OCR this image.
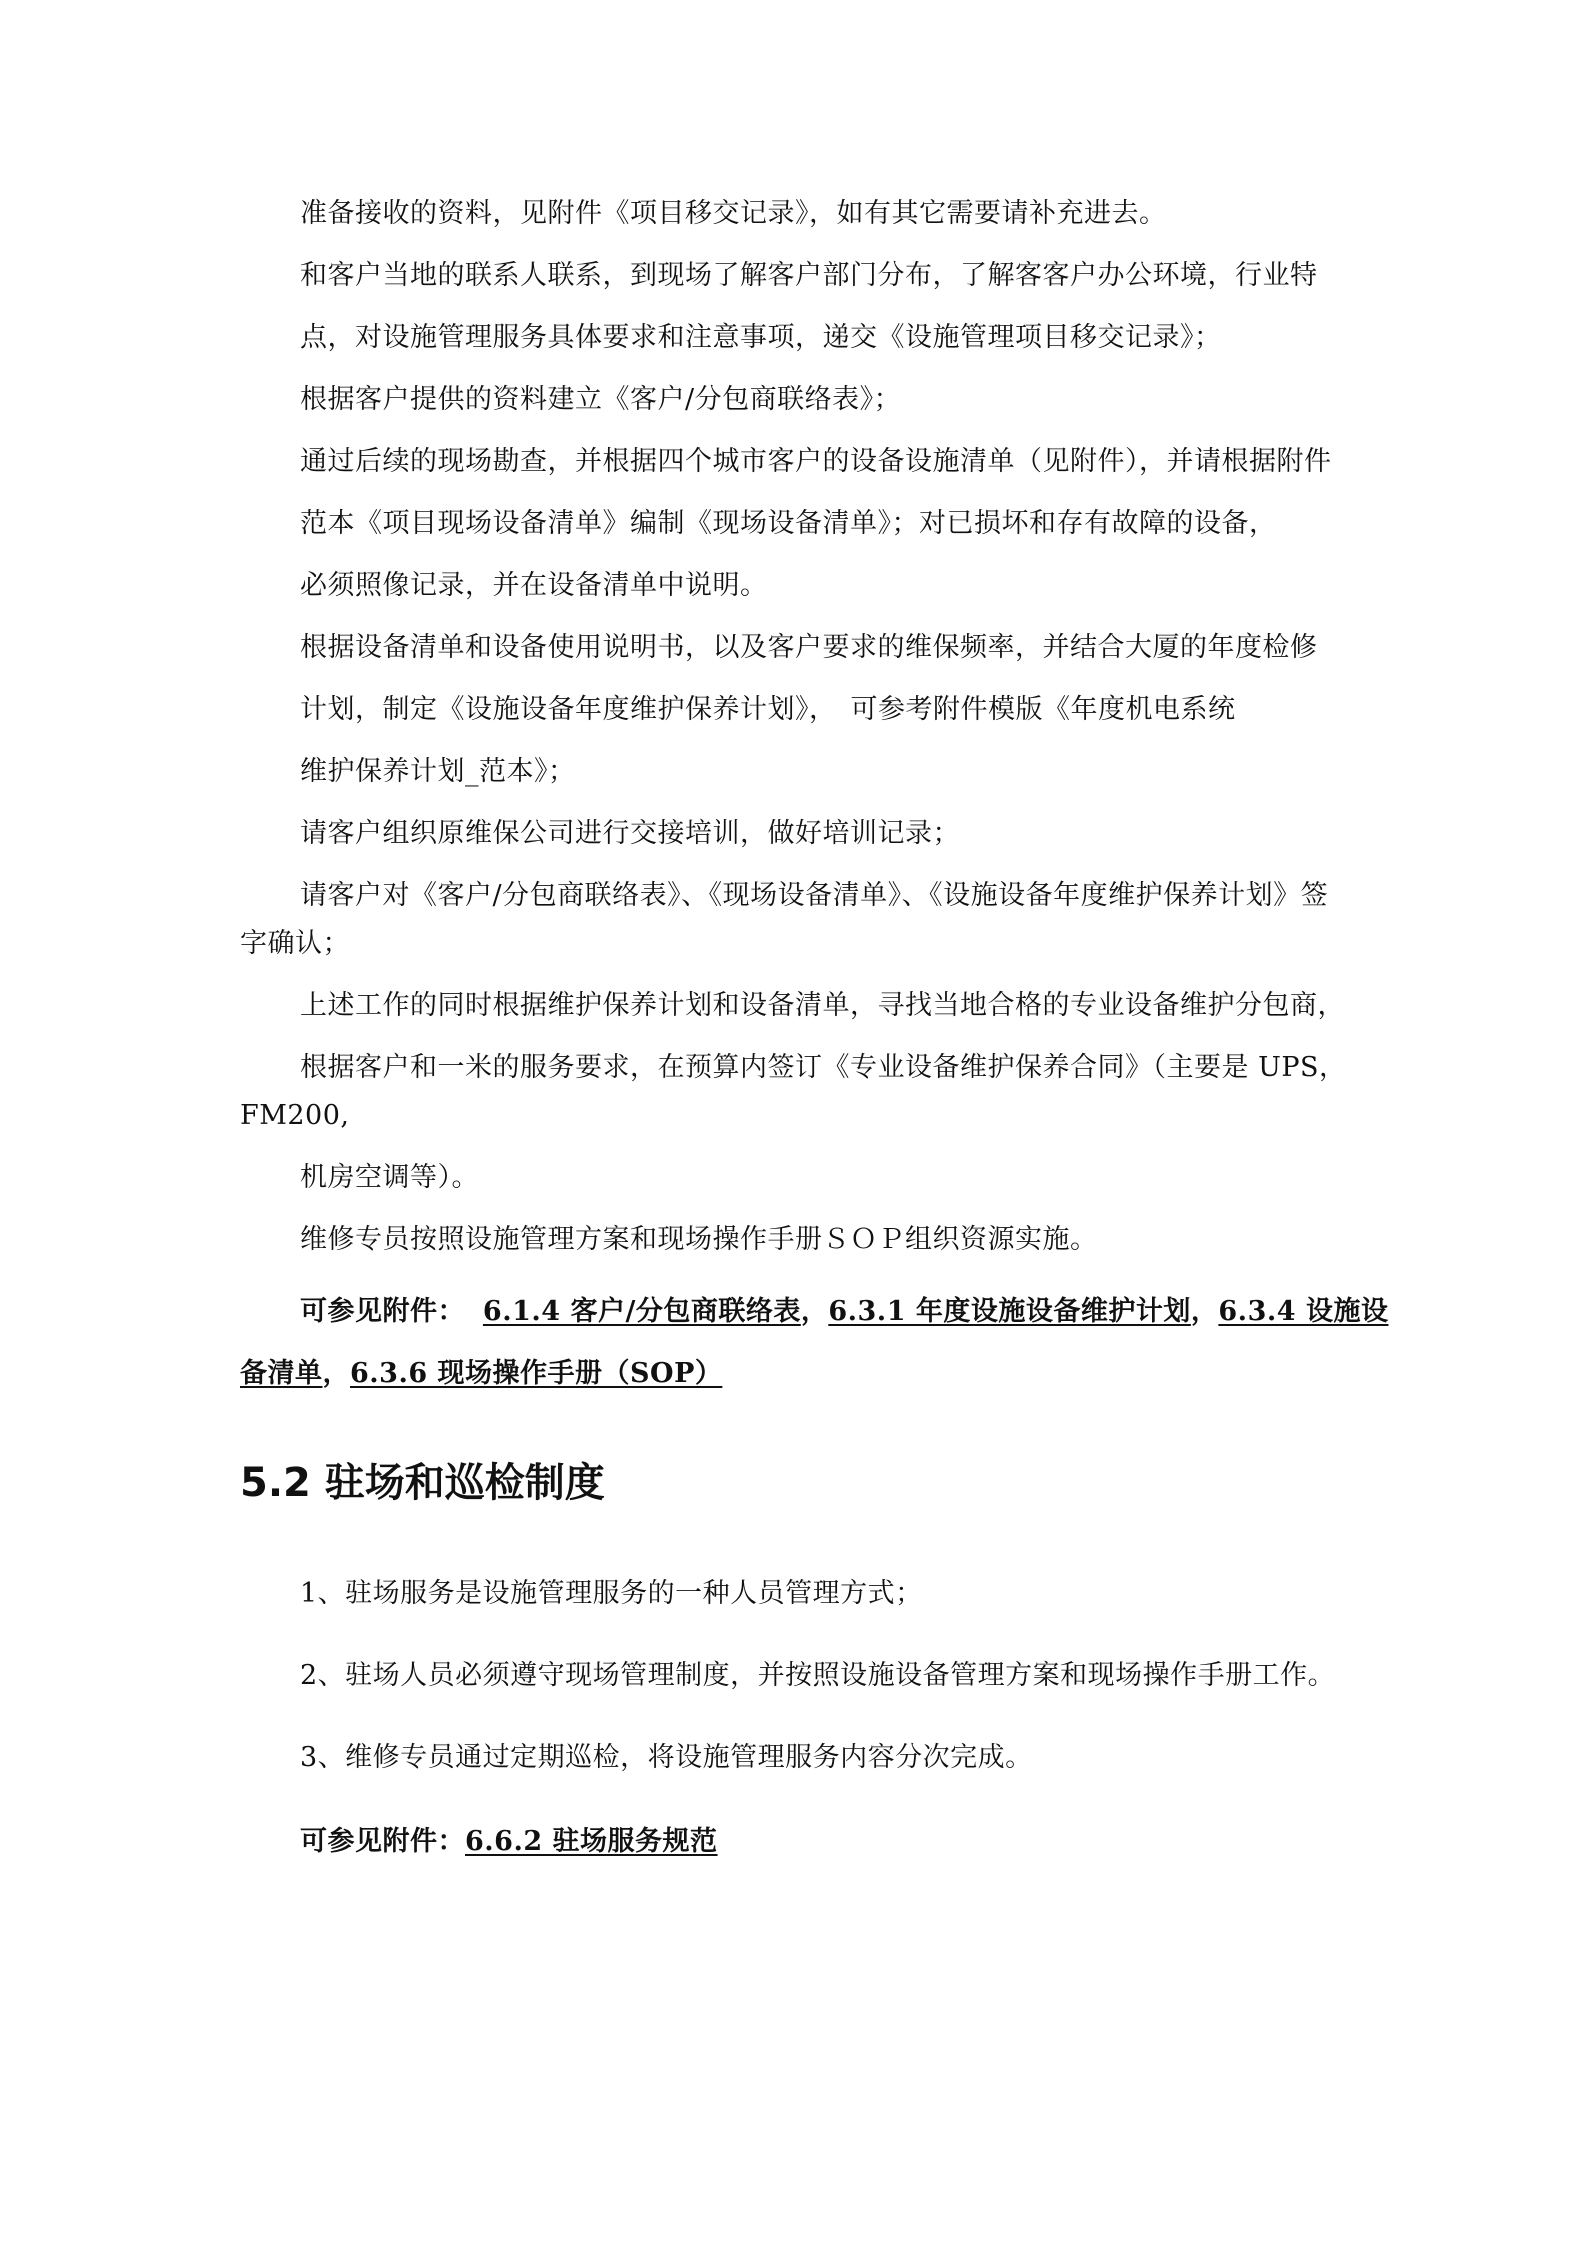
准备接收的资料，见附件《项目移交记录》，如有其它需要请补充进去。
和客户当地的联系人联系，到现场了解客户部门分布，了解客客户办公环境，行业特
点，对设施管理服务具体要求和注意事项，递交《设施管理项目移交记录》；
根据客户提供的资料建立《客户/分包商联络表》；
通过后续的现场勘查，并根据四个城市客户的设备设施清单（见附件），并请根据附件
范本《项目现场设备清单》编制《现场设备清单》；对已损坏和存有故障的设备，
必须照像记录，并在设备清单中说明。
根据设备清单和设备使用说明书，以及客户要求的维保频率，并结合大厦的年度检修
计划，制定《设施设备年度维护保养计划》，　可参考附件模版《年度机电系统
维护保养计划_范本》；
请客户组织原维保公司进行交接培训，做好培训记录；
请客户对《客户/分包商联络表》、《现场设备清单》、《设施设备年度维护保养计划》签
字确认；
上述工作的同时根据维护保养计划和设备清单，寻找当地合格的专业设备维护分包商，
根据客户和一米的服务要求，在预算内签订《专业设备维护保养合同》（主要是 UPS，
FM200,
机房空调等）。
维修专员按照设施管理方案和现场操作手册ＳＯＰ组织资源实施。
可参见附件： 6.1.4 客户/分包商联络表，6.3.1 年度设施设备维护计划，6.3.4 设施设
备清单，6.3.6 现场操作手册（SOP）
5.2 驻场和巡检制度
1、驻场服务是设施管理服务的一种人员管理方式；
2、驻场人员必须遵守现场管理制度，并按照设施设备管理方案和现场操作手册工作。
3、维修专员通过定期巡检，将设施管理服务内容分次完成。
可参见附件：6.6.2 驻场服务规范
